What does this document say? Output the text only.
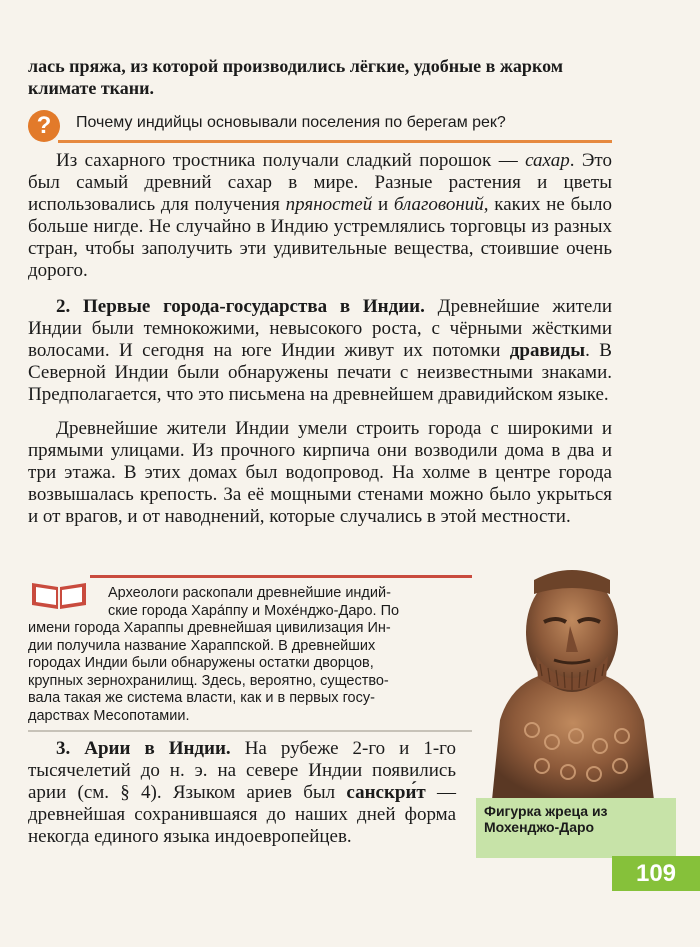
лась пряжа, из которой производились лёгкие, удобные в жарком климате ткани.

?	Почему индийцы основывали поселения по берегам рек?

Из сахарного тростника получали сладкий порошок — сахар. Это был самый древний сахар в мире. Разные растения и цветы использовались для получения пряностей и благовоний, каких не было больше нигде. Не случайно в Индию устремлялись торговцы из разных стран, чтобы заполучить эти удивительные вещества, стоившие очень дорого.

2. Первые города-государства в Индии. Древнейшие жители Индии были темнокожими, невысокого роста, с чёрными жёсткими волосами. И сегодня на юге Индии живут их потомки дравиды. В Северной Индии были обнаружены печати с неизвестными знаками. Предполагается, что это письмена на древнейшем дравидийском языке.

Древнейшие жители Индии умели строить города с широкими и прямыми улицами. Из прочного кирпича они возводили дома в два и три этажа. В этих домах был водопровод. На холме в центре города возвышалась крепость. За её мощными стенами можно было укрыться и от врагов, и от наводнений, которые случались в этой местности.

Археологи раскопали древнейшие индий-
ские города Хара́ппу и Мохе́нджо-Даро. По
имени города Хараппы древнейшая цивилизация Ин-
дии получила название Хараппской. В древнейших
городах Индии были обнаружены остатки дворцов,
крупных зернохранилищ. Здесь, вероятно, существо-
вала такая же система власти, как и в первых госу-
дарствах Месопотамии.

3. Арии в Индии. На рубеже 2-го и 1-го тысячелетий до н. э. на севере Индии появились арии (см. § 4). Языком ариев был санскри́т — древнейшая сохранившаяся до наших дней форма некогда единого языка индоевропейцев.

Фигурка жреца из Мохенджо-Даро
109
